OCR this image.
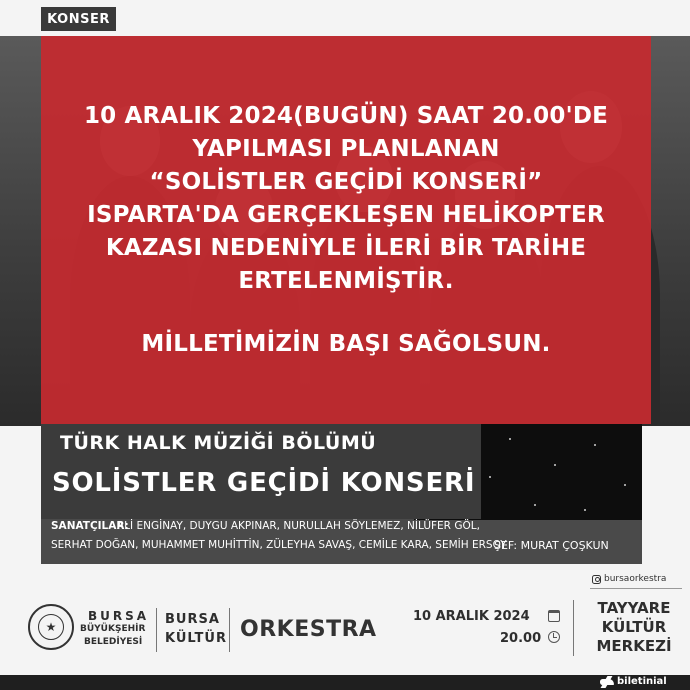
KONSER
10 ARALIK 2024(BUGÜN) SAAT 20.00'DE
YAPILMASI PLANLANAN
“SOLİSTLER GEÇİDİ KONSERİ”
ISPARTA'DA GERÇEKLEŞEN HELİKOPTER
KAZASI NEDENİYLE İLERİ BİR TARİHE
ERTELENMİŞTİR.
MİLLETİMİZİN BAŞI SAĞOLSUN.
TÜRK HALK MÜZİĞİ BÖLÜMÜ
SOLİSTLER GEÇİDİ KONSERİ
SANATÇILAR:
ALİ ENGİNAY, DUYGU AKPINAR, NURULLAH SÖYLEMEZ, NİLÜFER GÖL,
SERHAT DOĞAN, MUHAMMET MUHİTTİN, ZÜLEYHA SAVAŞ, CEMİLE KARA, SEMİH ERSOY
ŞEF: MURAT ÇOŞKUN
bursaorkestra
★
BURSA
BÜYÜKŞEHİR
BELEDİYESİ
BURSA
KÜLTÜR ORKESTRA
10 ARALIK 2024
20.00
TAYYARE
KÜLTÜR
MERKEZİ
biletinial
